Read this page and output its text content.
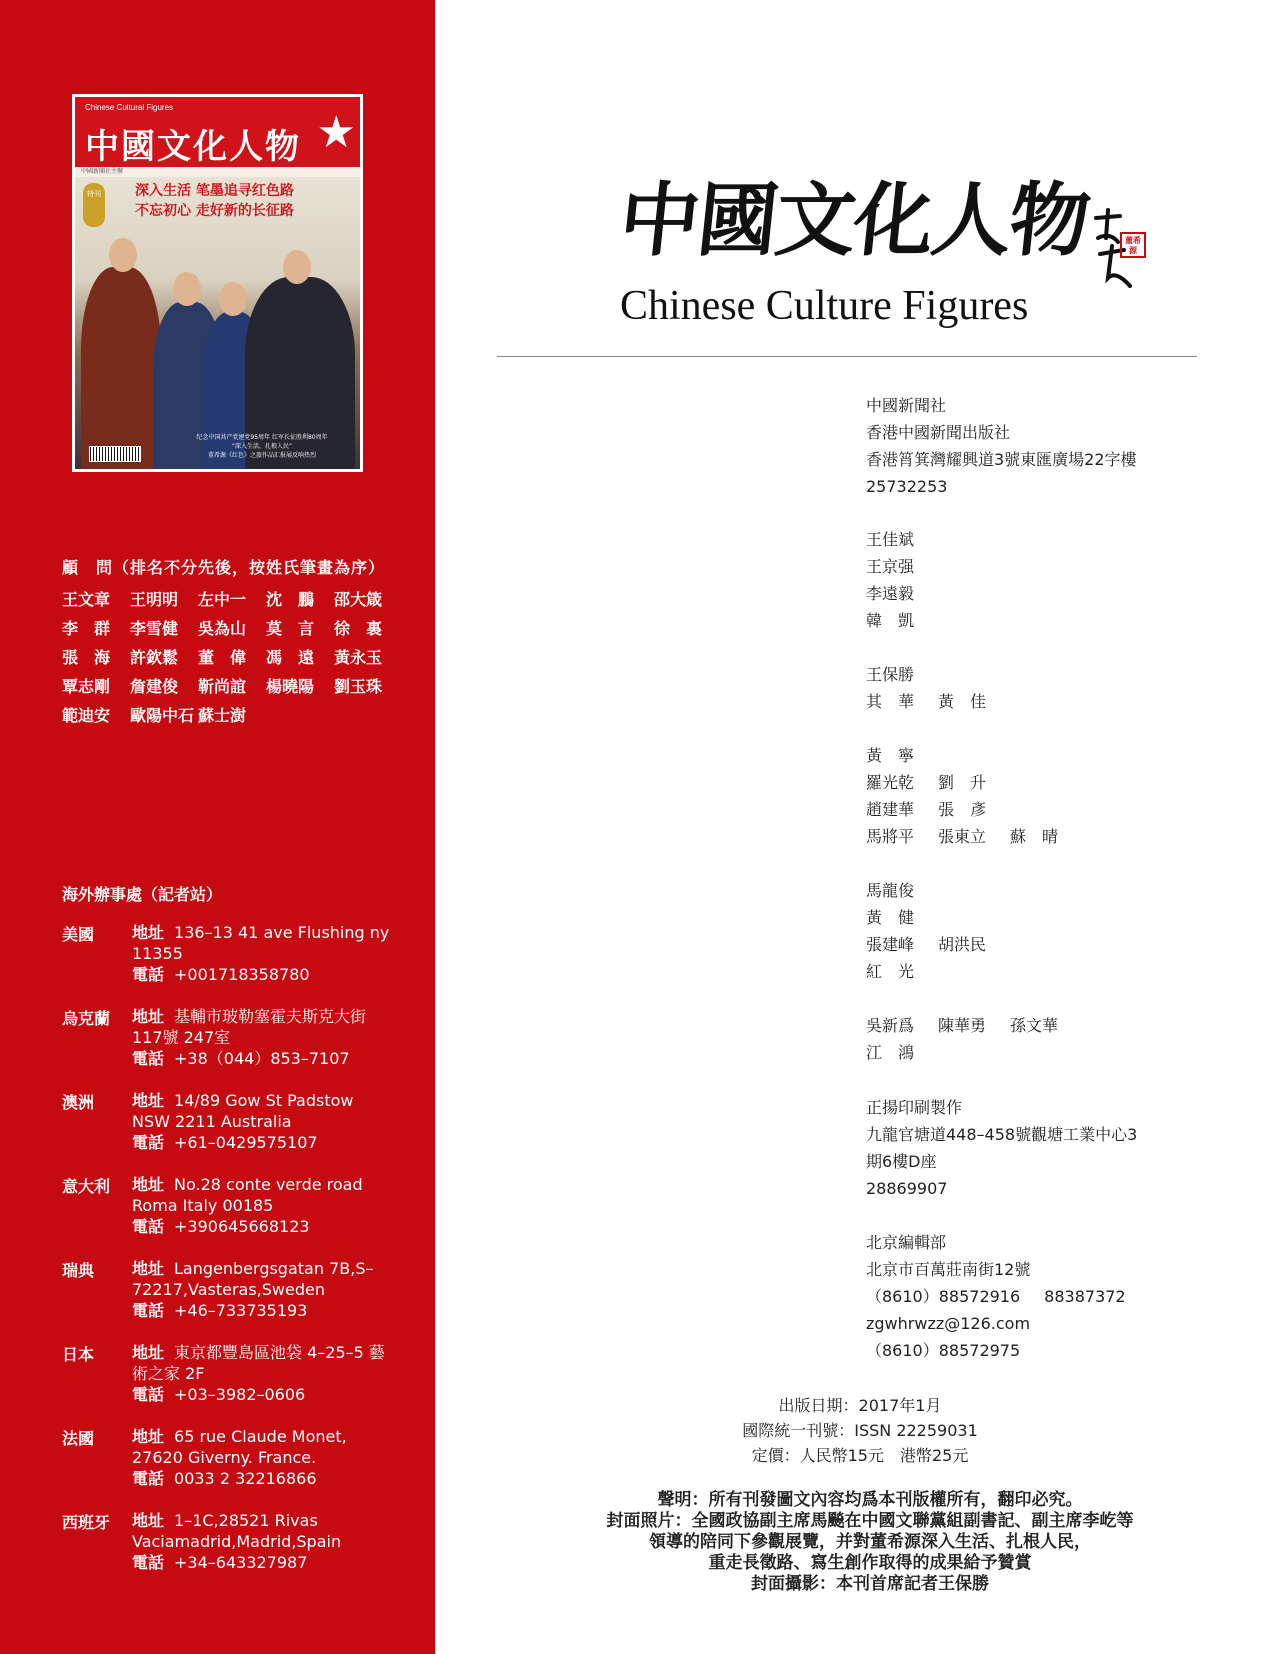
Chinese Cultural Figures
中國文化人物 ★
中國新聞社主辦
特刊 深入生活 笔墨追寻红色路
不忘初心 走好新的长征路
纪念中国共产党建党95周年 红军长征胜利80周年
“深入生活，扎根人民”
董希源《红色》之旅作品汇报展反响热烈
顧　問（排名不分先後，按姓氏筆畫為序）
王文章	王明明	左中一	沈　鵬	邵大箴
李　群	李雪健	吳為山	莫　言	徐　裏
張　海	許欽鬆	董　偉	馮　遠	黃永玉
覃志剛	詹建俊	靳尚誼	楊曉陽	劉玉珠
範迪安	歐陽中石 蘇士澍
海外辦事處（記者站）
美國 地址 136–13 41 ave Flushing ny 11355
電話 +001718358780
烏克蘭 地址 基輔市玻勒塞霍夫斯克大街 117號 247室
電話 +38（044）853–7107
澳洲 地址 14/89 Gow St Padstow NSW 2211 Australia
電話 +61–0429575107
意大利 地址 No.28 conte verde road Roma Italy 00185
電話 +390645668123
瑞典 地址 Langenbergsgatan 7B,S–72217,Vasteras,Sweden
電話 +46–733735193
日本 地址 東京都豐島區池袋 4–25–5 藝術之家 2F
電話 +03–3982–0606
法國 地址 65 rue Claude Monet, 27620 Giverny. France.
電話 0033 2 32216866
西班牙 地址 1–1C,28521 Rivas Vaciamadrid,Madrid,Spain
電話 +34–643327987
中國文化人物	董希源
Chinese Culture Figures
中國新聞社
香港中國新聞出版社
香港筲箕灣耀興道3號東匯廣場22字樓
25732253
王佳斌
王京强
李遠毅
韓　凱
王保勝
其　華 黃　佳
黃　寧
羅光乾 劉　升
趙建華 張　彥
馬將平 張東立 蘇　晴
馬龍俊
黃　健
張建峰 胡洪民
紅　光
吳新爲 陳華勇 孫文華
江　鴻
正揚印刷製作
九龍官塘道448–458號觀塘工業中心3
期6樓D座
28869907
北京編輯部
北京市百萬莊南街12號
（8610）88572916 88387372
zgwhrwzz@126.com
（8610）88572975
出版日期：2017年1月
國際統一刊號：ISSN 22259031
定價：人民幣15元　港幣25元
聲明：所有刊發圖文內容均爲本刊版權所有，翻印必究。
封面照片：全國政協副主席馬飈在中國文聯黨組副書記、副主席李屹等
領導的陪同下參觀展覽，并對董希源深入生活、扎根人民，
重走長徵路、寫生創作取得的成果給予贊賞
封面攝影：本刊首席記者王保勝
